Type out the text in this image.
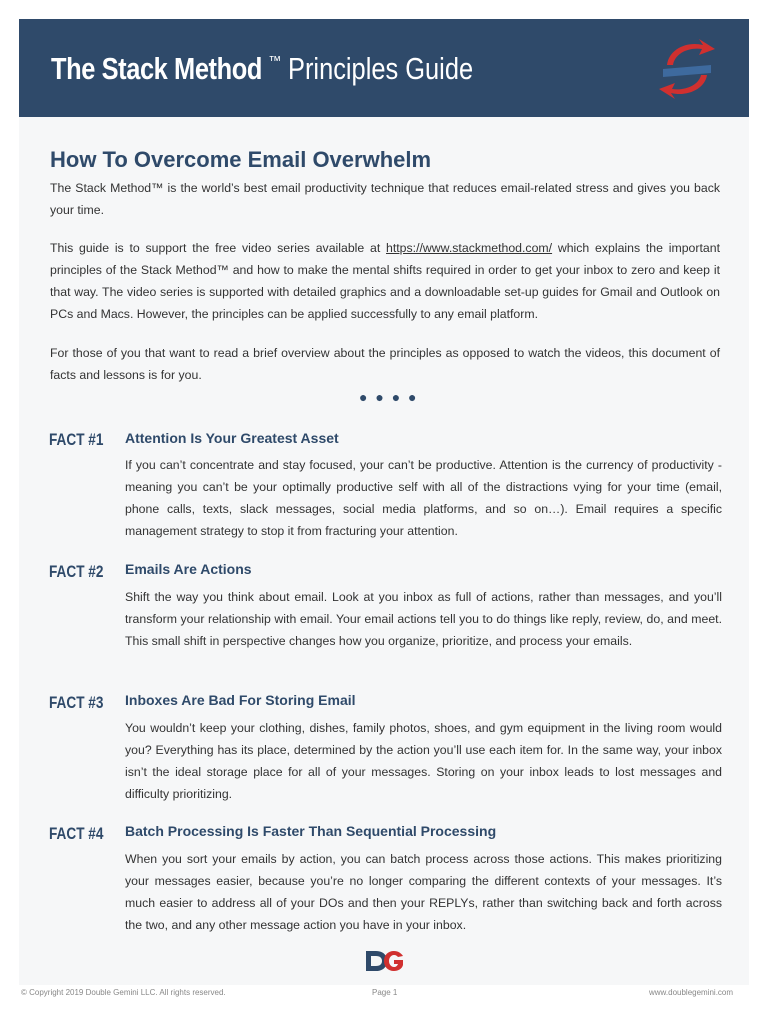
The Stack Method ™ Principles Guide
How To Overcome Email Overwhelm

The Stack Method™ is the world’s best email productivity technique that reduces email-related stress and gives you back your time.

This guide is to support the free video series available at https://www.stackmethod.com/ which explains the important principles of the Stack Method™ and how to make the mental shifts required in order to get your inbox to zero and keep it that way. The video series is supported with detailed graphics and a downloadable set-up guides for Gmail and Outlook on PCs and Macs. However, the principles can be applied successfully to any email platform.

For those of you that want to read a brief overview about the principles as opposed to watch the videos, this document of facts and lessons is for you.

● ● ● ●
FACT #1 Attention Is Your Greatest Asset

If you can’t concentrate and stay focused, your can’t be productive. Attention is the currency of productivity - meaning you can’t be your optimally productive self with all of the distractions vying for your time (email, phone calls, texts, slack messages, social media platforms, and so on…). Email requires a specific management strategy to stop it from fracturing your attention.

FACT #2 Emails Are Actions

Shift the way you think about email. Look at you inbox as full of actions, rather than messages, and you’ll transform your relationship with email. Your email actions tell you to do things like reply, review, do, and meet. This small shift in perspective changes how you organize, prioritize, and process your emails.

FACT #3 Inboxes Are Bad For Storing Email

You wouldn’t keep your clothing, dishes, family photos, shoes, and gym equipment in the living room would you? Everything has its place, determined by the action you’ll use each item for. In the same way, your inbox isn’t the ideal storage place for all of your messages. Storing on your inbox leads to lost messages and difficulty prioritizing.

FACT #4 Batch Processing Is Faster Than Sequential Processing

When you sort your emails by action, you can batch process across those actions. This makes prioritizing your messages easier, because you’re no longer comparing the different contexts of your messages. It’s much easier to address all of your DOs and then your REPLYs, rather than switching back and forth across the two, and any other message action you have in your inbox.

© Copyright 2019 Double Gemini LLC. All rights reserved.	Page 1	www.doublegemini.com
